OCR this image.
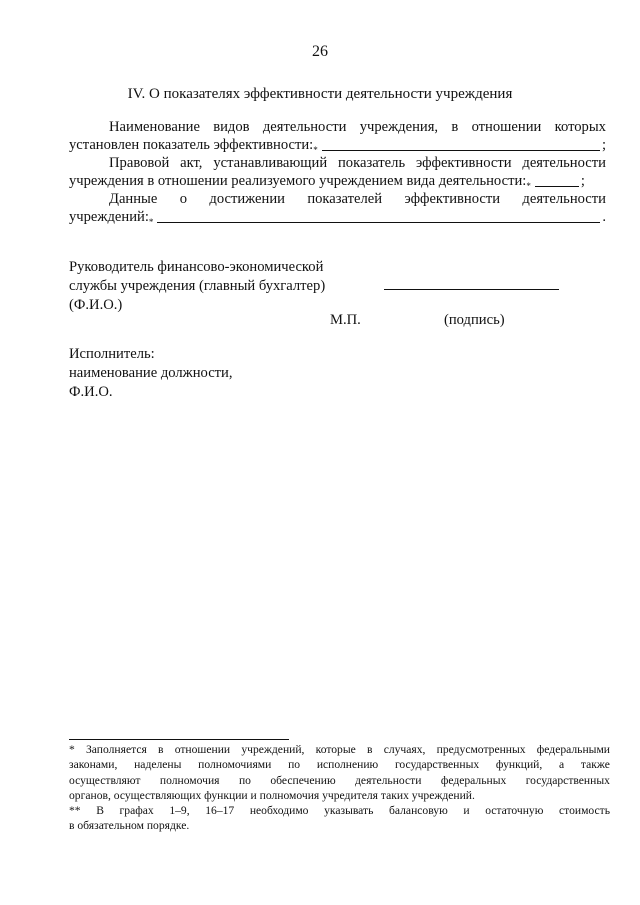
26
IV. О показателях эффективности деятельности учреждения
Наименование видов деятельности учреждения, в отношении которых
установлен показатель эффективности:*	;
Правовой акт, устанавливающий показатель эффективности деятельности
учреждения в отношении реализуемого учреждением вида деятельности:*	;
Данные о достижении показателей эффективности деятельности
учреждений:*	.
Руководитель финансово-экономической
службы учреждения (главный бухгалтер)
(Ф.И.О.)
М.П.	(подпись)
Исполнитель:
наименование должности,
Ф.И.О.
* Заполняется в отношении учреждений, которые в случаях, предусмотренных федеральными
законами, наделены полномочиями по исполнению государственных функций, а также
осуществляют полномочия по обеспечению деятельности федеральных государственных
органов, осуществляющих функции и полномочия учредителя таких учреждений.
** В графах 1–9, 16–17 необходимо указывать балансовую и остаточную стоимость
в обязательном порядке.
